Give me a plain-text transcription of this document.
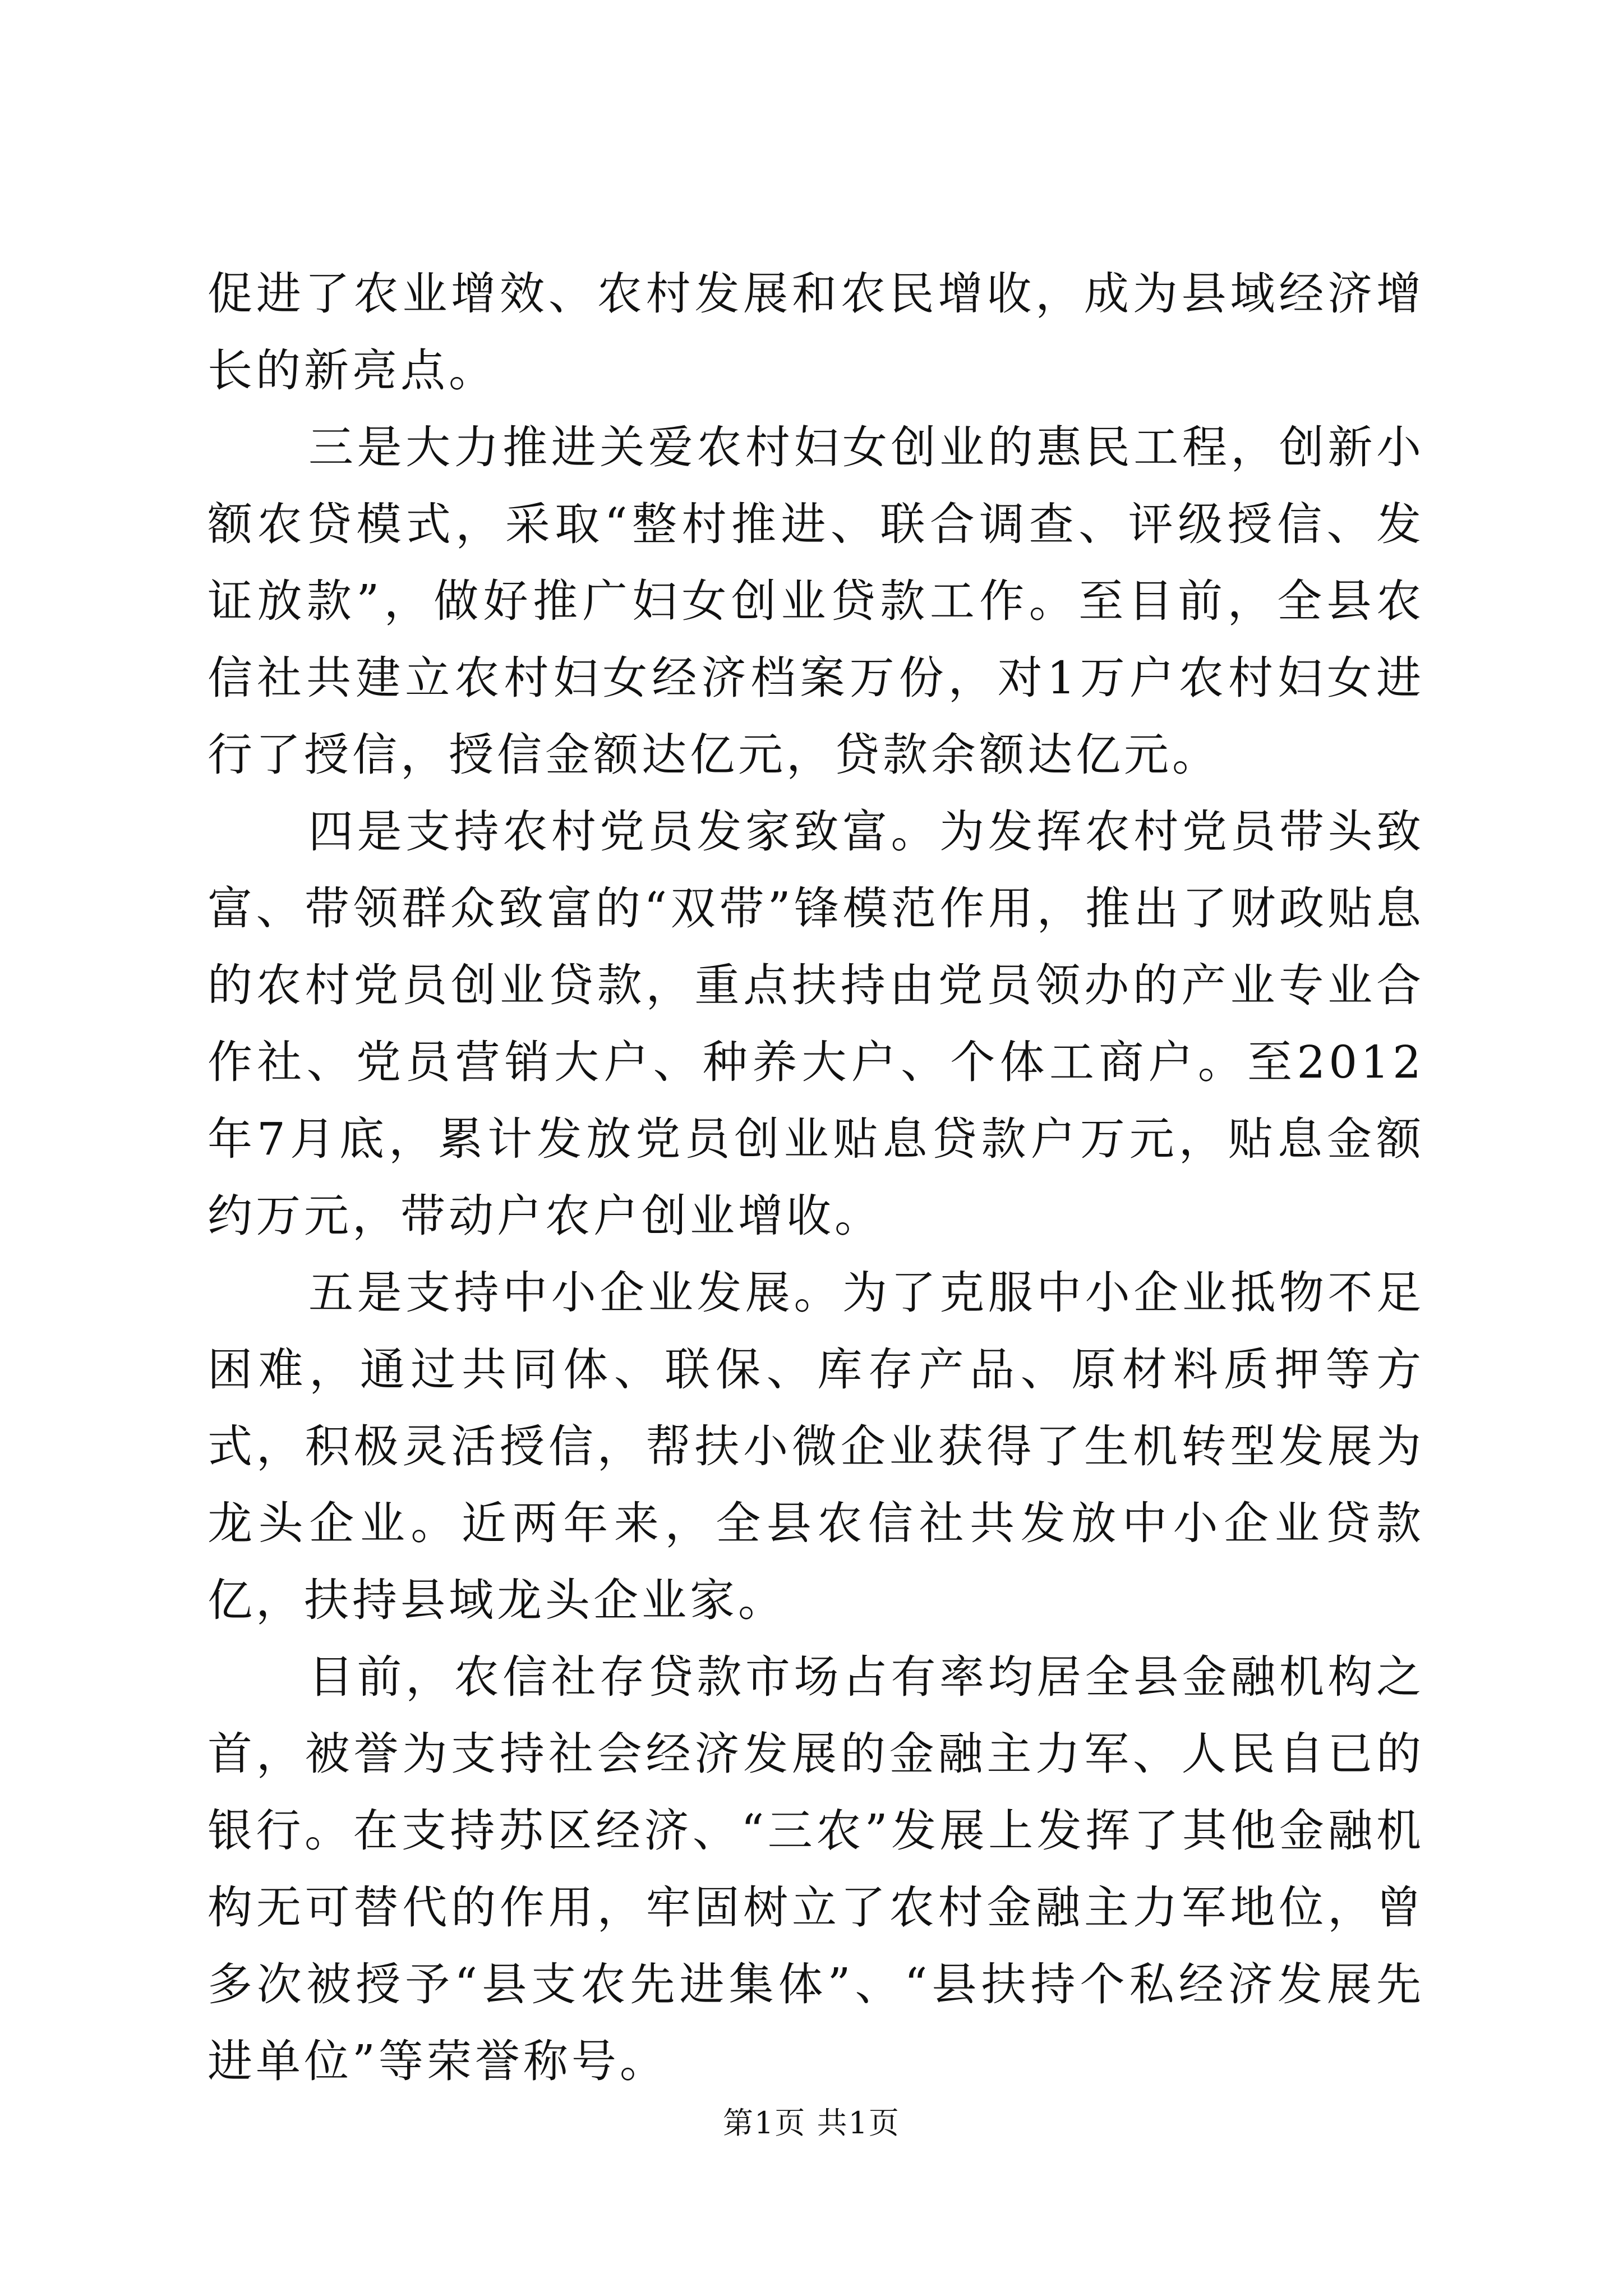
促进了农业增效、农村发展和农民增收，成为县域经济增长的新亮点。

三是大力推进关爱农村妇女创业的惠民工程，创新小额农贷模式，采取“整村推进、联合调查、评级授信、发证放款”，做好推广妇女创业贷款工作。至目前，全县农信社共建立农村妇女经济档案万份，对1万户农村妇女进行了授信，授信金额达亿元，贷款余额达亿元。

四是支持农村党员发家致富。为发挥农村党员带头致富、带领群众致富的“双带”锋模范作用，推出了财政贴息的农村党员创业贷款，重点扶持由党员领办的产业专业合作社、党员营销大户、种养大户、个体工商户。至2012年7月底，累计发放党员创业贴息贷款户万元，贴息金额约万元，带动户农户创业增收。

五是支持中小企业发展。为了克服中小企业抵物不足困难，通过共同体、联保、库存产品、原材料质押等方式，积极灵活授信，帮扶小微企业获得了生机转型发展为龙头企业。近两年来，全县农信社共发放中小企业贷款亿，扶持县域龙头企业家。

目前，农信社存贷款市场占有率均居全县金融机构之首，被誉为支持社会经济发展的金融主力军、人民自已的银行。在支持苏区经济、“三农”发展上发挥了其他金融机构无可替代的作用，牢固树立了农村金融主力军地位，曾多次被授予“县支农先进集体”、“县扶持个私经济发展先进单位”等荣誉称号。

第1页 共1页
